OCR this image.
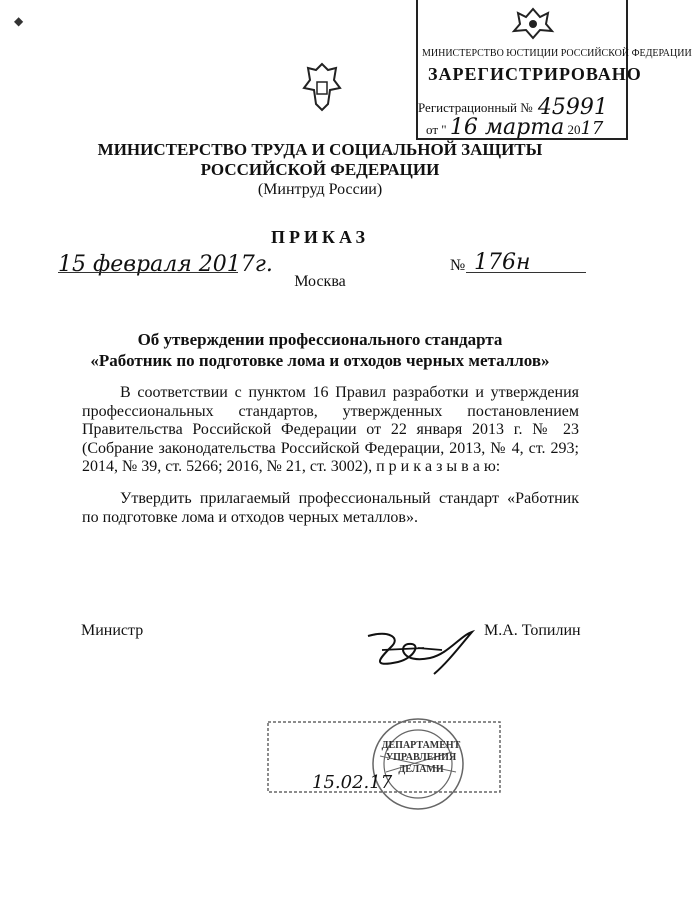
МИНИСТЕРСТВО ЮСТИЦИИ РОССИЙСКОЙ ФЕДЕРАЦИИ
ЗАРЕГИСТРИРОВАНО
Регистрационный № 45991
от " 16 марта 2017
МИНИСТЕРСТВО ТРУДА И СОЦИАЛЬНОЙ ЗАЩИТЫ
РОССИЙСКОЙ ФЕДЕРАЦИИ
(Минтруд России)
ПРИКАЗ
15 февраля 2017г.	№ 176н
Москва
Об утверждении профессионального стандарта
«Работник по подготовке лома и отходов черных металлов»
В соответствии с пунктом 16 Правил разработки и утверждения профессиональных стандартов, утвержденных постановлением Правительства Российской Федерации от 22 января 2013 г. № 23 (Собрание законодательства Российской Федерации, 2013, № 4, ст. 293; 2014, № 39, ст. 5266; 2016, № 21, ст. 3002), п р и к а з ы в а ю:
Утвердить прилагаемый профессиональный стандарт «Работник по подготовке лома и отходов черных металлов».
Министр	М.А. Топилин
15.02.17
ДЕПАРТАМЕНТ УПРАВЛЕНИЯ ДЕЛАМИ
◆
